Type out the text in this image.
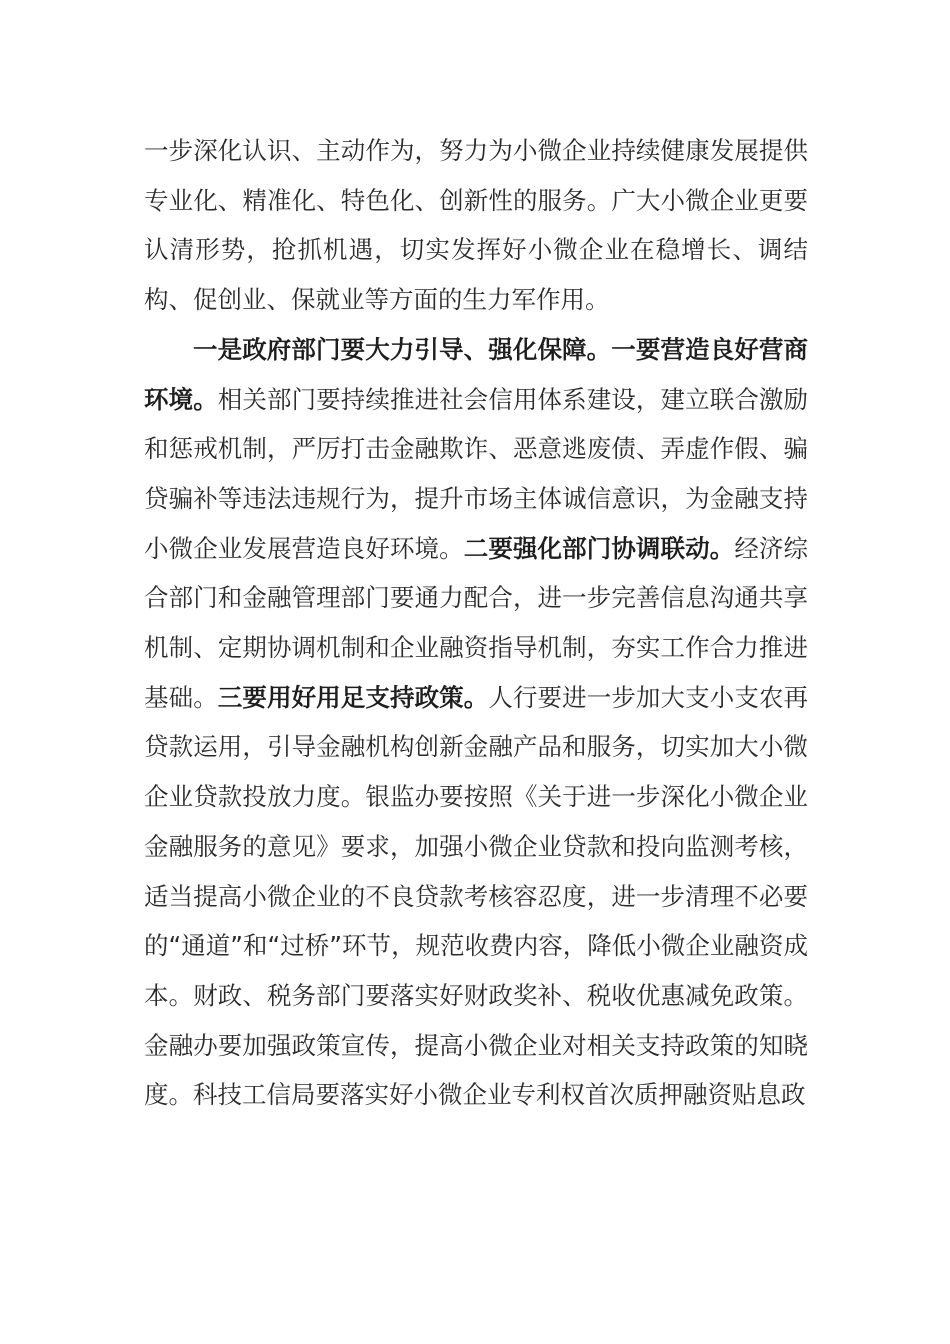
一步深化认识、主动作为，努力为小微企业持续健康发展提供专业化、精准化、特色化、创新性的服务。广大小微企业更要认清形势，抢抓机遇，切实发挥好小微企业在稳增长、调结构、促创业、保就业等方面的生力军作用。

一是政府部门要大力引导、强化保障。一要营造良好营商环境。相关部门要持续推进社会信用体系建设，建立联合激励和惩戒机制，严厉打击金融欺诈、恶意逃废债、弄虚作假、骗贷骗补等违法违规行为，提升市场主体诚信意识，为金融支持小微企业发展营造良好环境。二要强化部门协调联动。经济综合部门和金融管理部门要通力配合，进一步完善信息沟通共享机制、定期协调机制和企业融资指导机制，夯实工作合力推进基础。三要用好用足支持政策。人行要进一步加大支小支农再贷款运用，引导金融机构创新金融产品和服务，切实加大小微企业贷款投放力度。银监办要按照《关于进一步深化小微企业金融服务的意见》要求，加强小微企业贷款和投向监测考核，适当提高小微企业的不良贷款考核容忍度，进一步清理不必要的“通道”和“过桥”环节，规范收费内容，降低小微企业融资成本。财政、税务部门要落实好财政奖补、税收优惠减免政策。金融办要加强政策宣传，提高小微企业对相关支持政策的知晓度。科技工信局要落实好小微企业专利权首次质押融资贴息政
